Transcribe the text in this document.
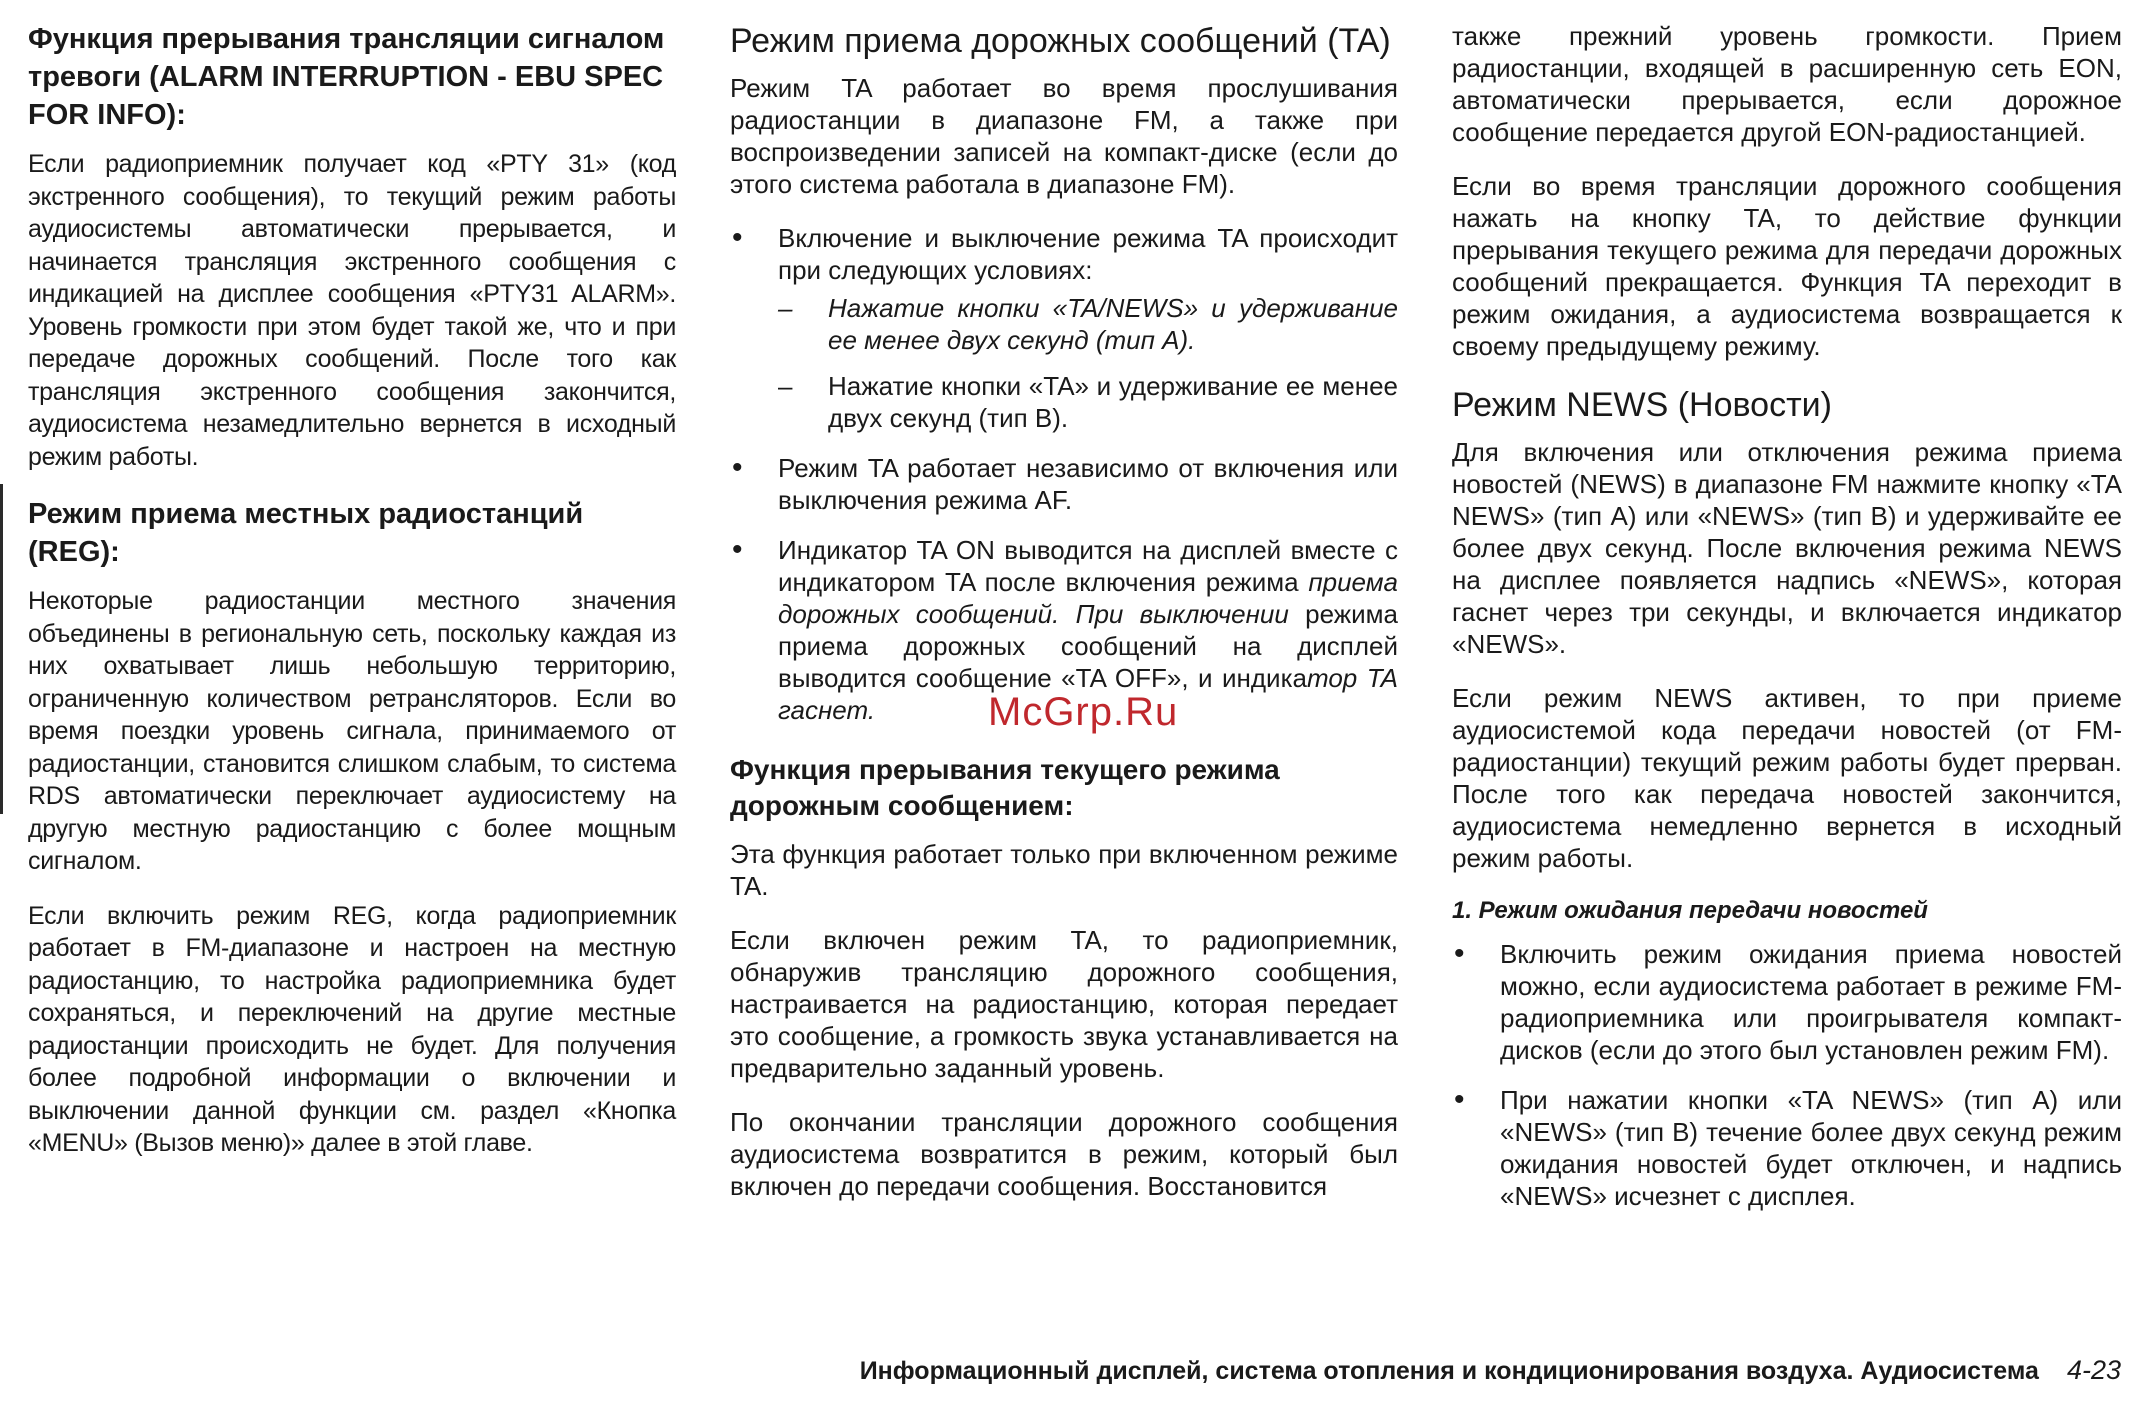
Функция прерывания трансляции сигналом тревоги (ALARM INTERRUPTION - EBU SPEC FOR INFO):

Если радиоприемник получает код «PTY 31» (код экстренного сообщения), то текущий режим работы аудиосистемы автоматически прерывается, и начинается трансляция экстренного сообщения с индикацией на дисплее сообщения «PTY31 ALARM». Уровень громкости при этом будет такой же, что и при передаче дорожных сообщений. После того как трансляция экстренного сообщения закончится, аудиосистема незамедлительно вернется в исходный режим работы.

Режим приема местных радиостанций (REG):

Некоторые радиостанции местного значения объединены в региональную сеть, поскольку каждая из них охватывает лишь небольшую территорию, ограниченную количеством ретрансляторов. Если во время поездки уровень сигнала, принимаемого от радиостанции, становится слишком слабым, то система RDS автоматически переключает аудиосистему на другую местную радиостанцию с более мощным сигналом.

Если включить режим REG, когда радиоприемник работает в FM-диапазоне и настроен на местную радиостанцию, то настройка радиоприемника будет сохраняться, и переключений на другие местные радиостанции происходить не будет. Для получения более подробной информации о включении и выключении данной функции см. раздел «Кнопка «MENU» (Вызов меню)» далее в этой главе.

Режим приема дорожных сообщений (TA)

Режим TA работает во время прослушивания радиостанции в диапазоне FM, а также при воспроизведении записей на компакт-диске (если до этого система работала в диапазоне FM).

• Включение и выключение режима TA происходит при следующих условиях:
– Нажатие кнопки «TA/NEWS» и удерживание ее менее двух секунд (тип A).
– Нажатие кнопки «TA» и удерживание ее менее двух секунд (тип B).
• Режим TA работает независимо от включения или выключения режима AF.
• Индикатор TA ON выводится на дисплей вместе с индикатором TA после включения режима приема дорожных сообщений. При выключении режима приема дорожных сообщений на дисплей выводится сообщение «TA OFF», и индикатор TA гаснет.
Функция прерывания текущего режима дорожным сообщением:

Эта функция работает только при включенном режиме TA.

Если включен режим TA, то радиоприемник, обнаружив трансляцию дорожного сообщения, настраивается на радиостанцию, которая передает это сообщение, а громкость звука устанавливается на предварительно заданный уровень.

По окончании трансляции дорожного сообщения аудиосистема возвратится в режим, который был включен до передачи сообщения. Восстановится

также прежний уровень громкости. Прием радиостанции, входящей в расширенную сеть EON, автоматически прерывается, если дорожное сообщение передается другой EON-радиостанцией.

Если во время трансляции дорожного сообщения нажать на кнопку TA, то действие функции прерывания текущего режима для передачи дорожных сообщений прекращается. Функция TA переходит в режим ожидания, а аудиосистема возвращается к своему предыдущему режиму.

Режим NEWS (Новости)

Для включения или отключения режима приема новостей (NEWS) в диапазоне FM нажмите кнопку «TA NEWS» (тип A) или «NEWS» (тип B) и удерживайте ее более двух секунд. После включения режима NEWS на дисплее появляется надпись «NEWS», которая гаснет через три секунды, и включается индикатор «NEWS».

Если режим NEWS активен, то при приеме аудиосистемой кода передачи новостей (от FM-радиостанции) текущий режим работы будет прерван. После того как передача новостей закончится, аудиосистема немедленно вернется в исходный режим работы.

1. Режим ожидания передачи новостей
• Включить режим ожидания приема новостей можно, если аудиосистема работает в режиме FM-радиоприемника или проигрывателя компакт-дисков (если до этого был установлен режим FM).
• При нажатии кнопки «TA NEWS» (тип A) или «NEWS» (тип B) течение более двух секунд режим ожидания новостей будет отключен, и надпись «NEWS» исчезнет с дисплея.
McGrp.Ru
Информационный дисплей, система отопления и кондиционирования воздуха. Аудиосистема 4-23
